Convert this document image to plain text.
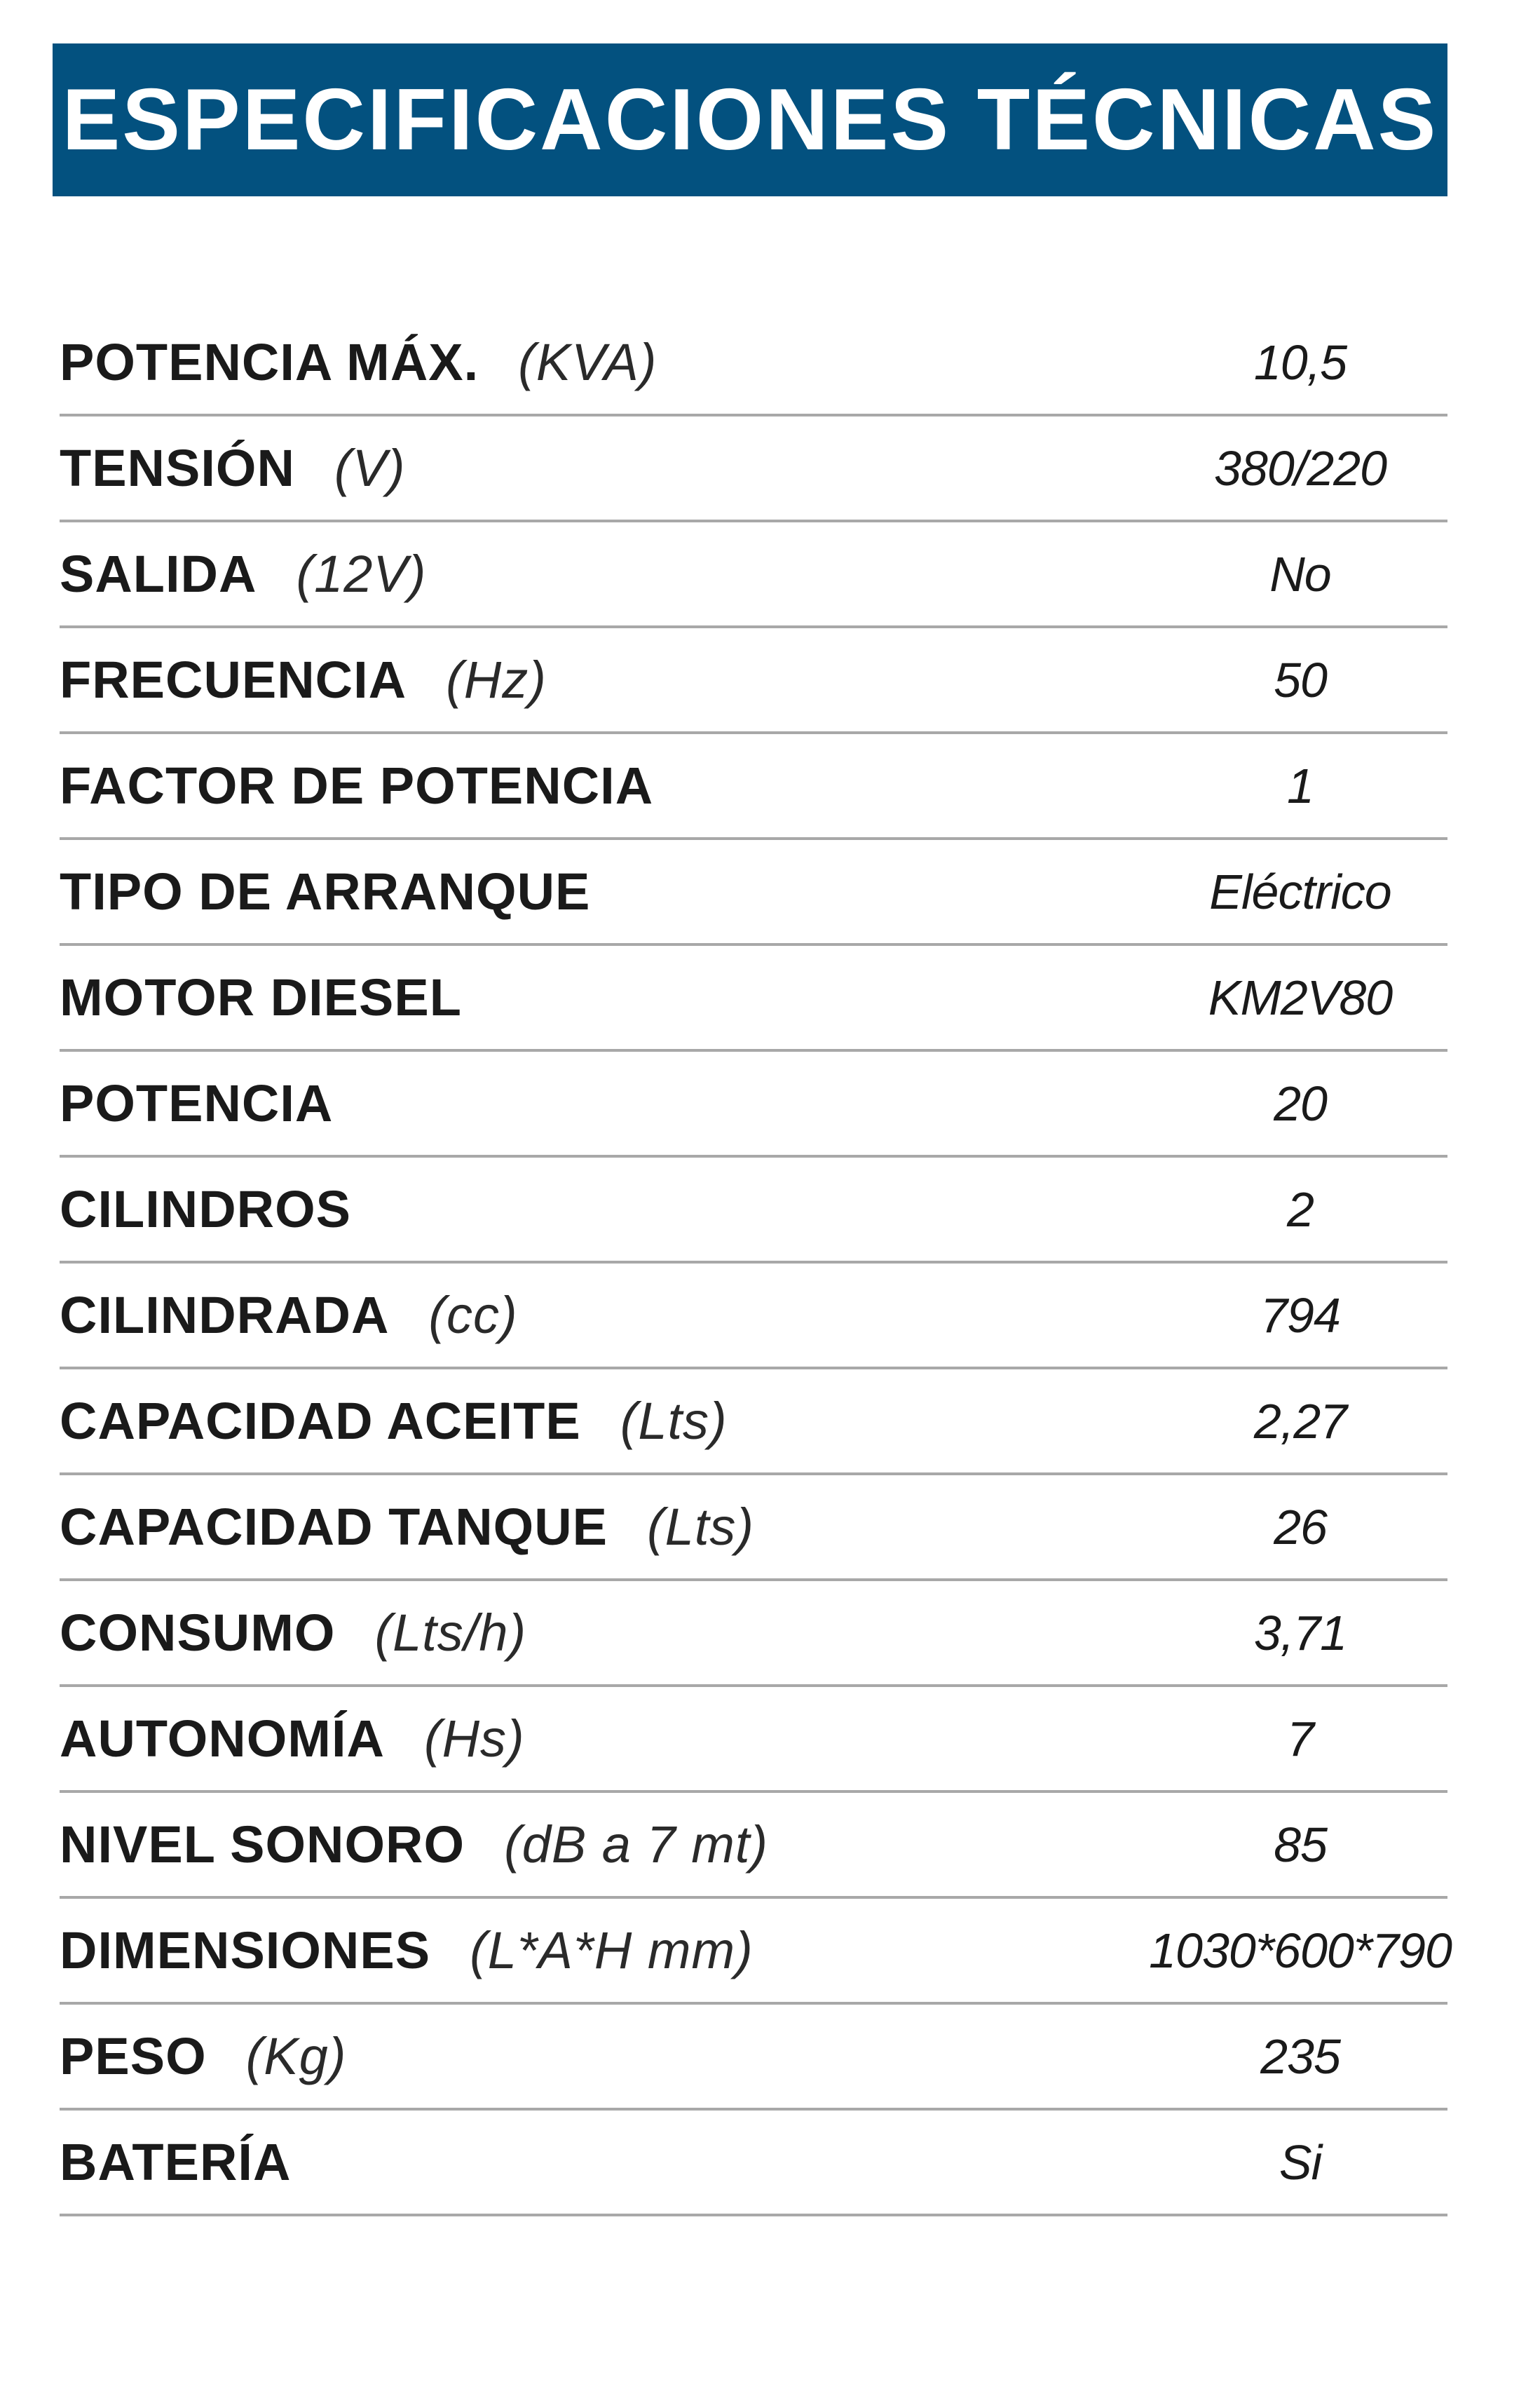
ESPECIFICACIONES TÉCNICAS
POTENCIA MÁX. (KVA)	10,5
TENSIÓN (V)	380/220
SALIDA (12V)	No
FRECUENCIA (Hz)	50
FACTOR DE POTENCIA	1
TIPO DE ARRANQUE	Eléctrico
MOTOR DIESEL	KM2V80
POTENCIA	20
CILINDROS	2
CILINDRADA (cc)	794
CAPACIDAD ACEITE (Lts)	2,27
CAPACIDAD TANQUE (Lts)	26
CONSUMO (Lts/h)	3,71
AUTONOMÍA (Hs)	7
NIVEL SONORO (dB a 7 mt)	85
DIMENSIONES (L*A*H mm)	1030*600*790
PESO (Kg)	235
BATERÍA	Si
